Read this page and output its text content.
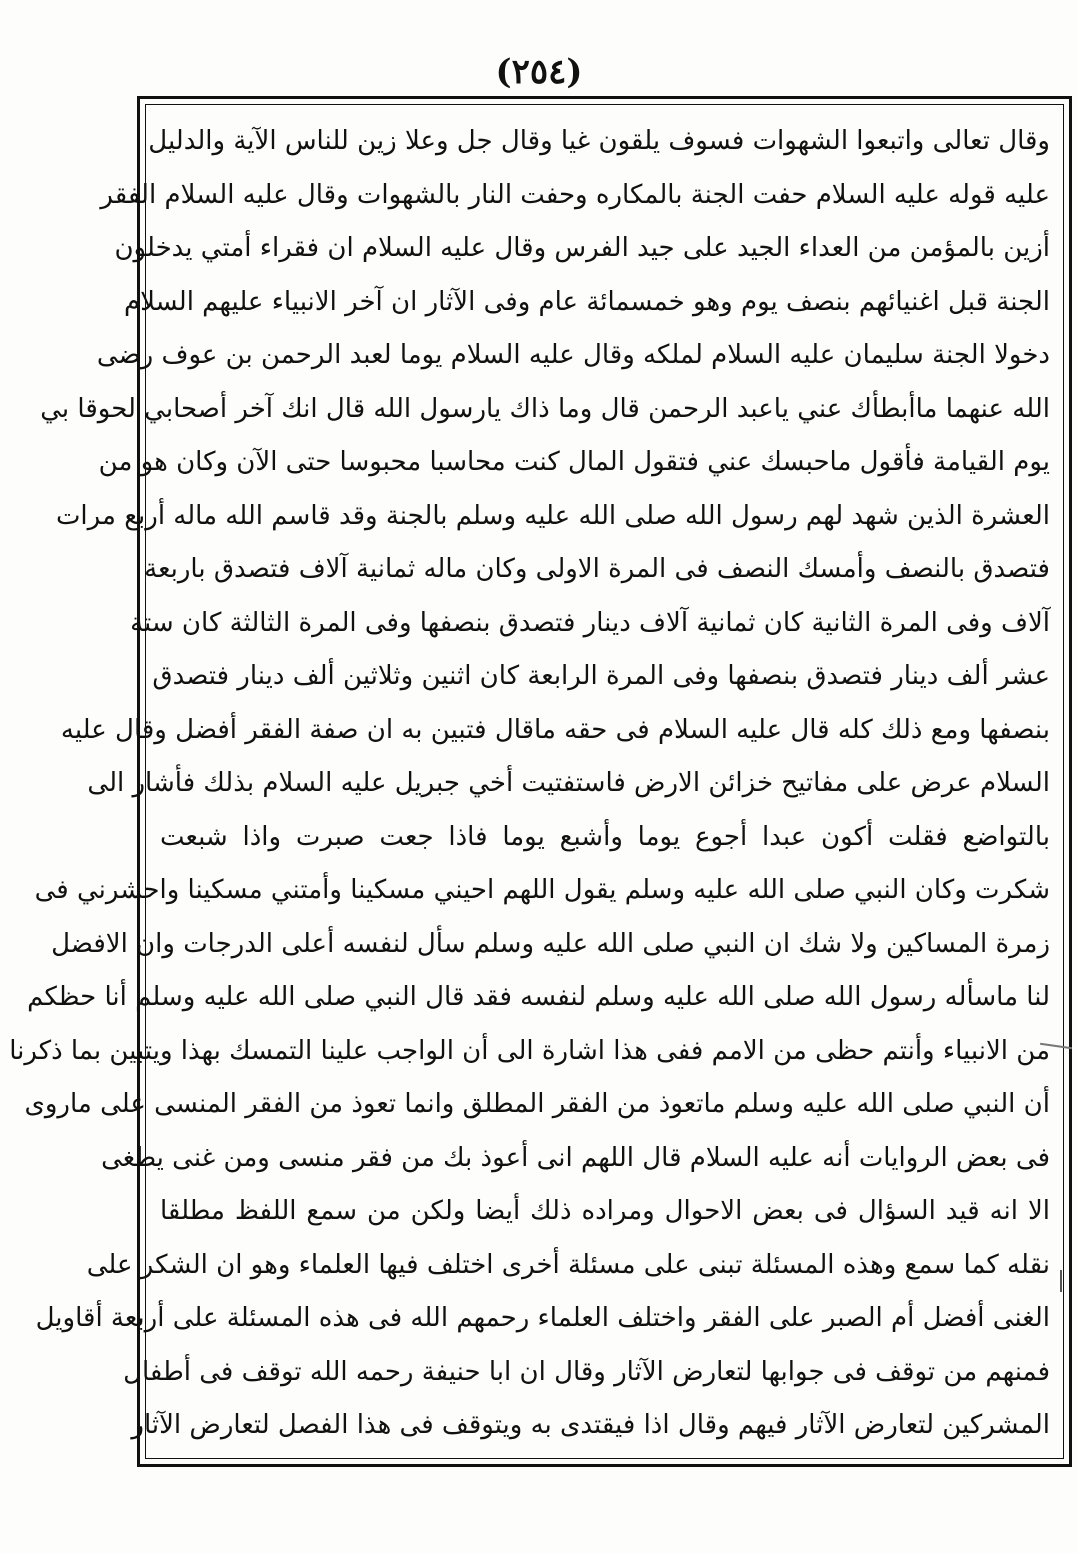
(٢٥٤)
وقال تعالى واتبعوا الشهوات فسوف يلقون غيا وقال جل وعلا زين للناس الآية والدليل
عليه قوله عليه السلام حفت الجنة بالمكاره وحفت النار بالشهوات وقال عليه السلام الفقر
أزين بالمؤمن من العداء الجيد على جيد الفرس وقال عليه السلام ان فقراء أمتي يدخلون
الجنة قبل اغنيائهم بنصف يوم وهو خمسمائة عام وفى الآثار ان آخر الانبياء عليهم السلام
دخولا الجنة سليمان عليه السلام لملكه وقال عليه السلام يوما لعبد الرحمن بن عوف رضى
الله عنهما ماأبطأك عني ياعبد الرحمن قال وما ذاك يارسول الله قال انك آخر أصحابي لحوقا بي
يوم القيامة فأقول ماحبسك عني فتقول المال كنت محاسبا محبوسا حتى الآن وكان هو من
العشرة الذين شهد لهم رسول الله صلى الله عليه وسلم بالجنة وقد قاسم الله ماله أربع مرات
فتصدق بالنصف وأمسك النصف فى المرة الاولى وكان ماله ثمانية آلاف فتصدق باربعة
آلاف وفى المرة الثانية كان ثمانية آلاف دينار فتصدق بنصفها وفى المرة الثالثة كان ستة
عشر ألف دينار فتصدق بنصفها وفى المرة الرابعة كان اثنين وثلاثين ألف دينار فتصدق
بنصفها ومع ذلك كله قال عليه السلام فى حقه ماقال فتبين به ان صفة الفقر أفضل وقال عليه
السلام عرض على مفاتيح خزائن الارض فاستفتيت أخي جبريل عليه السلام بذلك فأشار الى
بالتواضع فقلت أكون عبدا أجوع يوما وأشبع يوما فاذا جعت صبرت واذا شبعت
شكرت وكان النبي صلى الله عليه وسلم يقول اللهم احيني مسكينا وأمتني مسكينا واحشرني فى
زمرة المساكين ولا شك ان النبي صلى الله عليه وسلم سأل لنفسه أعلى الدرجات وان الافضل
لنا ماسأله رسول الله صلى الله عليه وسلم لنفسه فقد قال النبي صلى الله عليه وسلم أنا حظكم
من الانبياء وأنتم حظى من الامم ففى هذا اشارة الى أن الواجب علينا التمسك بهذا ويتبين بما ذكرنا
أن النبي صلى الله عليه وسلم ماتعوذ من الفقر المطلق وانما تعوذ من الفقر المنسى على ماروى
فى بعض الروايات أنه عليه السلام قال اللهم انى أعوذ بك من فقر منسى ومن غنى يطغى
الا انه قيد السؤال فى بعض الاحوال ومراده ذلك أيضا ولكن من سمع اللفظ مطلقا
نقله كما سمع وهذه المسئلة تبنى على مسئلة أخرى اختلف فيها العلماء وهو ان الشكر على
الغنى أفضل أم الصبر على الفقر واختلف العلماء رحمهم الله فى هذه المسئلة على أربعة أقاويل
فمنهم من توقف فى جوابها لتعارض الآثار وقال ان ابا حنيفة رحمه الله توقف فى أطفال
المشركين لتعارض الآثار فيهم وقال اذا فيقتدى به ويتوقف فى هذا الفصل لتعارض الآثار
